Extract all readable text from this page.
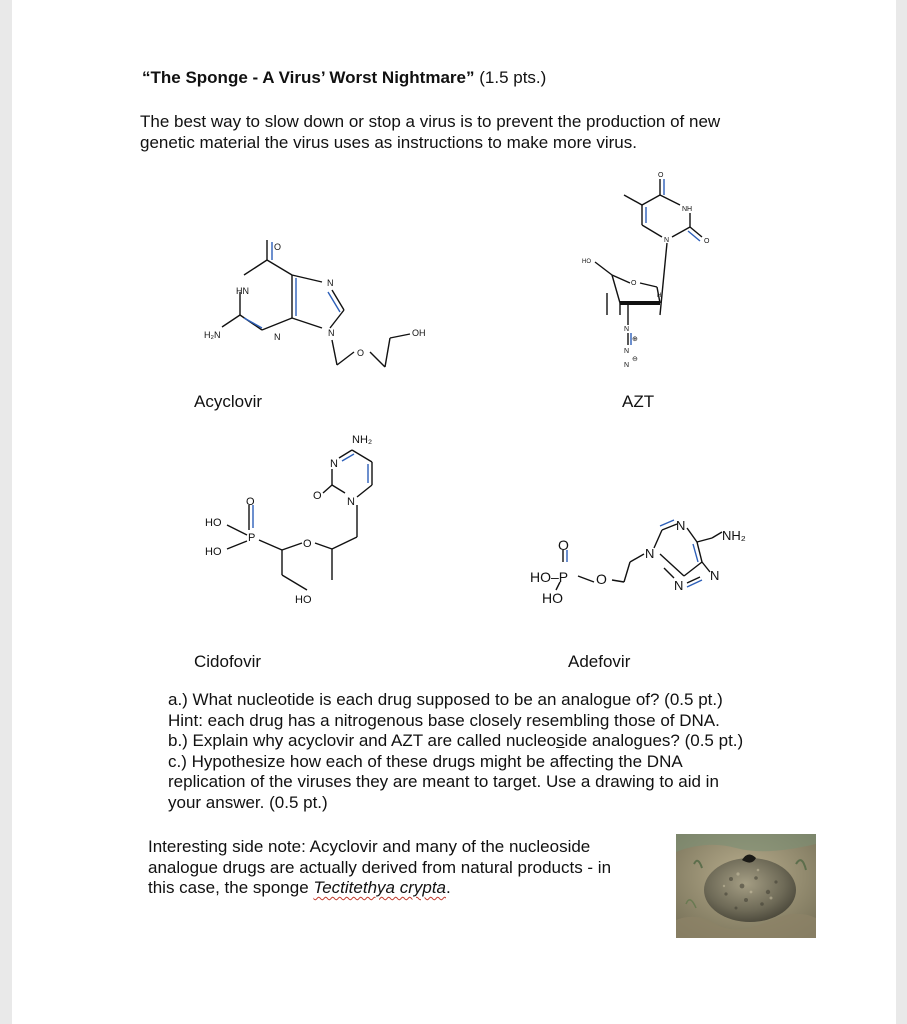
“The Sponge - A Virus’ Worst Nightmare” (1.5 pts.)
The best way to slow down or stop a virus is to prevent the production of new
genetic material the virus uses as instructions to make more virus.
O
HN
N
N	N
H₂N
O
OH
Acyclovir
NH
O
N	O
HO
O
H
N
N
N
⊕
⊖
AZT
NH₂
N
O N
O
P
HO
HO
O
HO
Cidofovir
O
HO–P
HO
O
N
N
NH₂
N
N
Adefovir
a.) What nucleotide is each drug supposed to be an analogue of? (0.5 pt.)
Hint: each drug has a nitrogenous base closely resembling those of DNA.
b.) Explain why acyclovir and AZT are called nucleoside analogues? (0.5 pt.)
c.) Hypothesize how each of these drugs might be affecting the DNA
replication of the viruses they are meant to target. Use a drawing to aid in
your answer. (0.5 pt.)
Interesting side note: Acyclovir and many of the nucleoside
analogue drugs are actually derived from natural products - in
this case, the sponge Tectitethya crypta.
